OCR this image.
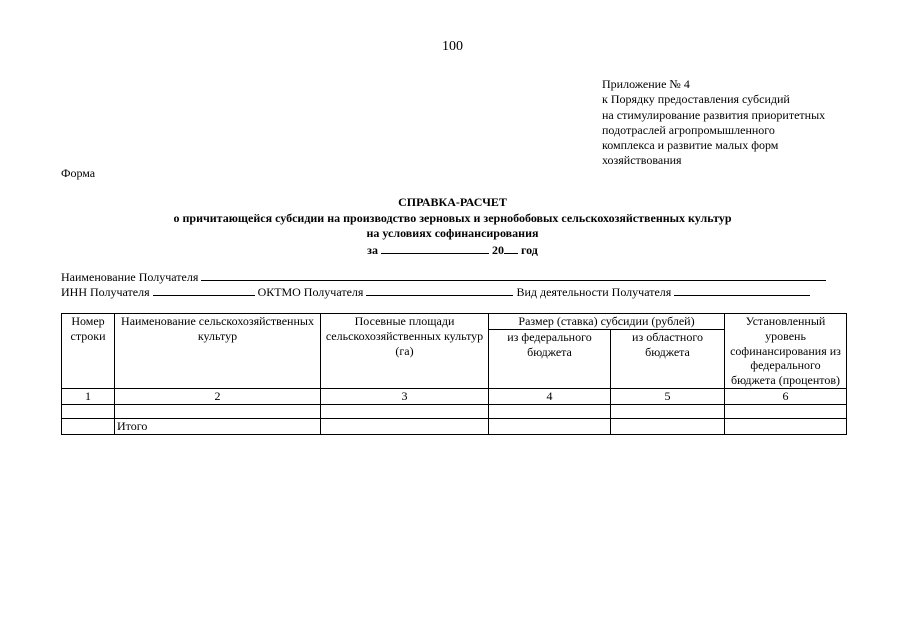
100
Приложение № 4
к Порядку предоставления субсидий
на стимулирование развития приоритетных
подотраслей агропромышленного
комплекса и развитие малых форм
хозяйствования
Форма
СПРАВКА-РАСЧЕТ
о причитающейся субсидии на производство зерновых и зернобобовых сельскохозяйственных культур
на условиях софинансирования
за	20 год
Наименование Получателя
ИНН Получателя	ОКТМО Получателя	Вид деятельности Получателя
Номер строки	Наименование сельскохозяйственных культур	Посевные площади сельскохозяйственных культур (га)	Размер (ставка) субсидии (рублей)		Установленный уровень софинансирования из федерального бюджета (процентов)
			из федерального бюджета	из областного бюджета	
1	2	3	4	5	6

	Итого				
